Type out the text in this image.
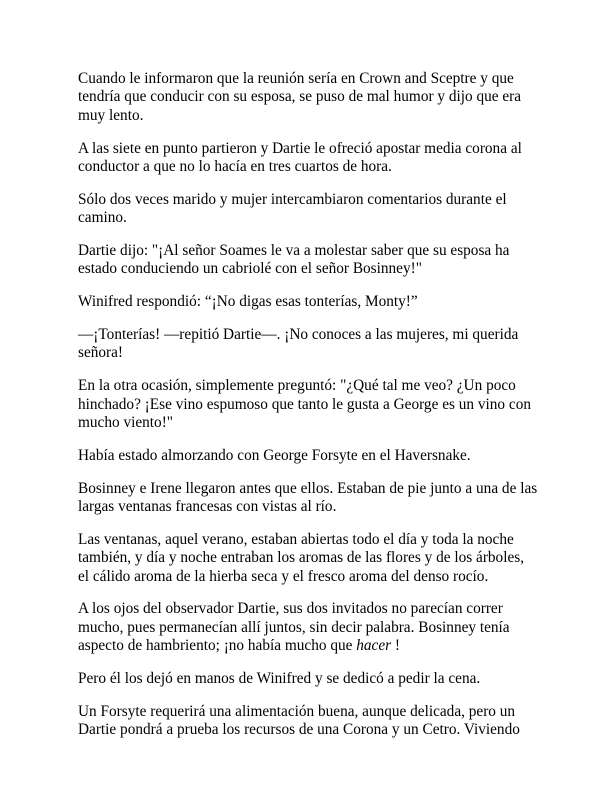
Cuando le informaron que la reunión sería en Crown and Sceptre y que tendría que conducir con su esposa, se puso de mal humor y dijo que era muy lento.

A las siete en punto partieron y Dartie le ofreció apostar media corona al conductor a que no lo hacía en tres cuartos de hora.

Sólo dos veces marido y mujer intercambiaron comentarios durante el camino.

Dartie dijo: "¡Al señor Soames le va a molestar saber que su esposa ha estado conduciendo un cabriolé con el señor Bosinney!"

Winifred respondió: “¡No digas esas tonterías, Monty!”

—¡Tonterías! —repitió Dartie—. ¡No conoces a las mujeres, mi querida señora!

En la otra ocasión, simplemente preguntó: "¿Qué tal me veo? ¿Un poco hinchado? ¡Ese vino espumoso que tanto le gusta a George es un vino con mucho viento!"

Había estado almorzando con George Forsyte en el Haversnake.

Bosinney e Irene llegaron antes que ellos. Estaban de pie junto a una de las largas ventanas francesas con vistas al río.

Las ventanas, aquel verano, estaban abiertas todo el día y toda la noche también, y día y noche entraban los aromas de las flores y de los árboles, el cálido aroma de la hierba seca y el fresco aroma del denso rocío.

A los ojos del observador Dartie, sus dos invitados no parecían correr mucho, pues permanecían allí juntos, sin decir palabra. Bosinney tenía aspecto de hambriento; ¡no había mucho que hacer !

Pero él los dejó en manos de Winifred y se dedicó a pedir la cena.

Un Forsyte requerirá una alimentación buena, aunque delicada, pero un Dartie pondrá a prueba los recursos de una Corona y un Cetro. Viviendo
